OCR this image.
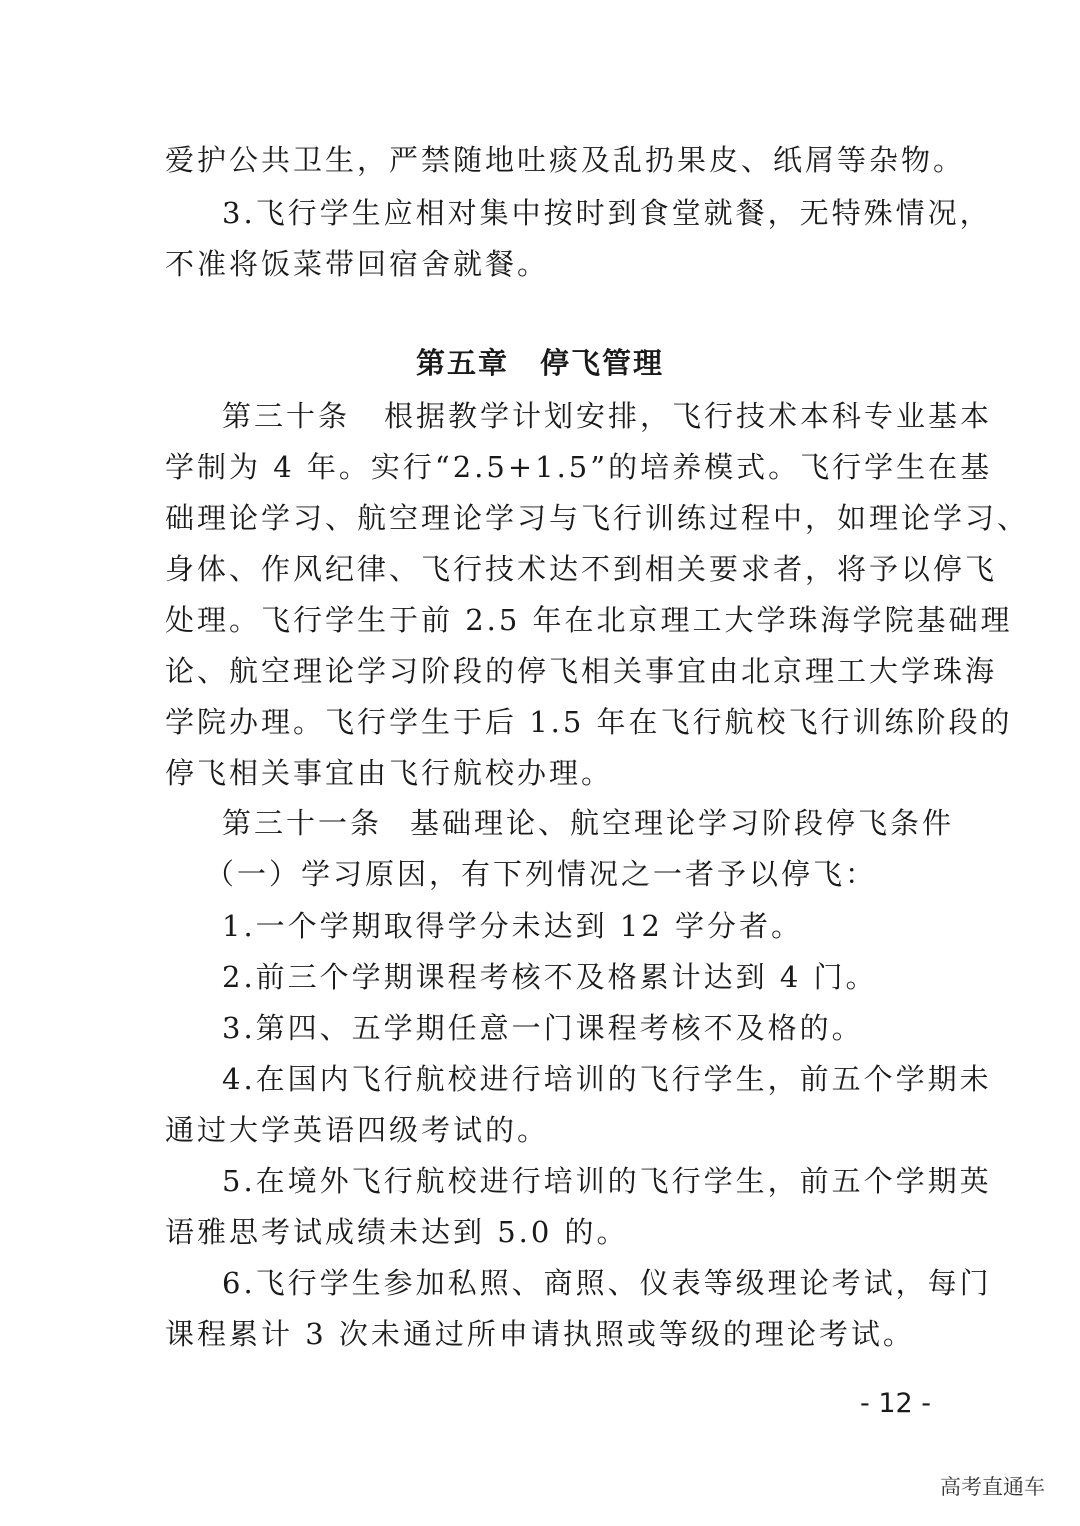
爱护公共卫生，严禁随地吐痰及乱扔果皮、纸屑等杂物。
3.飞行学生应相对集中按时到食堂就餐，无特殊情况，
不准将饭菜带回宿舍就餐。
第五章　停飞管理
第三十条 根据教学计划安排，飞行技术本科专业基本
学制为 4 年。实行“2.5+1.5”的培养模式。飞行学生在基
础理论学习、航空理论学习与飞行训练过程中，如理论学习、
身体、作风纪律、飞行技术达不到相关要求者，将予以停飞
处理。飞行学生于前 2.5 年在北京理工大学珠海学院基础理
论、航空理论学习阶段的停飞相关事宜由北京理工大学珠海
学院办理。飞行学生于后 1.5 年在飞行航校飞行训练阶段的
停飞相关事宜由飞行航校办理。
第三十一条 基础理论、航空理论学习阶段停飞条件
（一）学习原因，有下列情况之一者予以停飞：
1.一个学期取得学分未达到 12 学分者。
2.前三个学期课程考核不及格累计达到 4 门。
3.第四、五学期任意一门课程考核不及格的。
4.在国内飞行航校进行培训的飞行学生，前五个学期未
通过大学英语四级考试的。
5.在境外飞行航校进行培训的飞行学生，前五个学期英
语雅思考试成绩未达到 5.0 的。
6.飞行学生参加私照、商照、仪表等级理论考试，每门
课程累计 3 次未通过所申请执照或等级的理论考试。
- 12 -
高考直通车
